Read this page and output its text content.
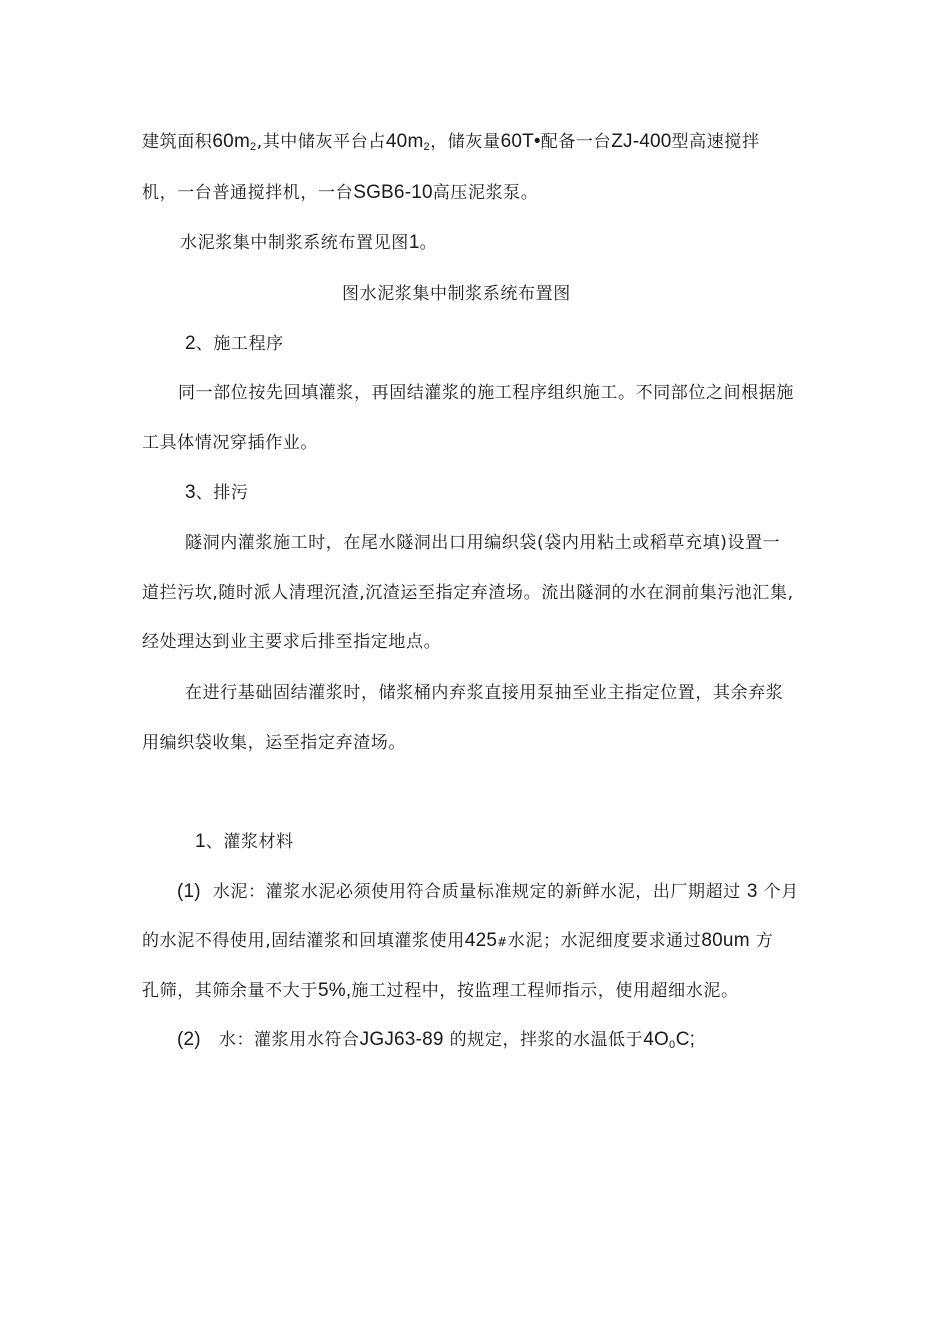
建筑面积60m2,其中储灰平台占40m2，储灰量60T•配备一台ZJ-400型高速搅拌
机，一台普通搅拌机，一台SGB6-10高压泥浆泵。
水泥浆集中制浆系统布置见图1。
图水泥浆集中制浆系统布置图
2、施工程序
同一部位按先回填灌浆，再固结灌浆的施工程序组织施工。不同部位之间根据施
工具体情况穿插作业。
3、排污
隧洞内灌浆施工时，在尾水隧洞出口用编织袋(袋内用粘土或稻草充填)设置一
道拦污坎,随时派人清理沉渣,沉渣运至指定弃渣场。流出隧洞的水在洞前集污池汇集,
经处理达到业主要求后排至指定地点。
在进行基础固结灌浆时，储浆桶内弃浆直接用泵抽至业主指定位置，其余弃浆
用编织袋收集，运至指定弃渣场。
1、灌浆材料
(1) 水泥：灌浆水泥必须使用符合质量标准规定的新鲜水泥，出厂期超过 3 个月
的水泥不得使用,固结灌浆和回填灌浆使用425#水泥；水泥细度要求通过80um 方
孔筛，其筛余量不大于5%,施工过程中，按监理工程师指示，使用超细水泥。
(2) 水：灌浆用水符合JGJ63-89 的规定，拌浆的水温低于4O0C;
